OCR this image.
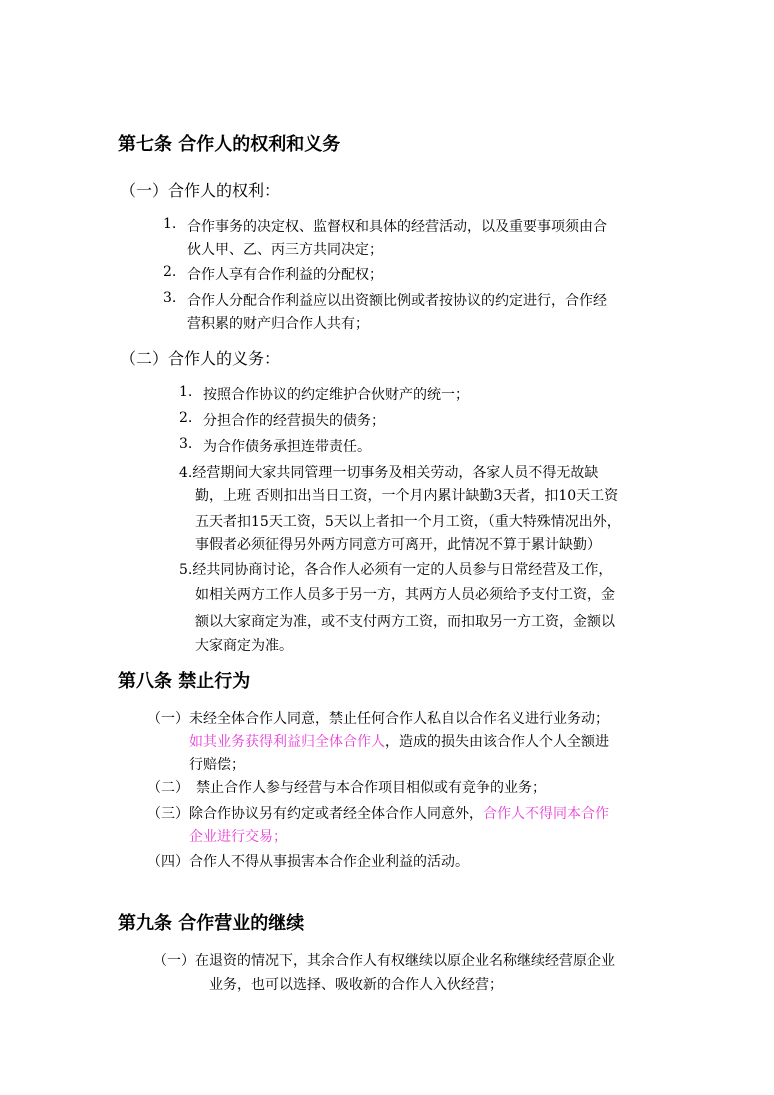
第七条 合作人的权利和义务
（一）合作人的权利：
1. 合作事务的决定权、监督权和具体的经营活动，以及重要事项须由合
伙人甲、乙、丙三方共同决定；
2. 合作人享有合作利益的分配权；
3. 合作人分配合作利益应以出资额比例或者按协议的约定进行，合作经
营积累的财产归合作人共有；
（二）合作人的义务：
1. 按照合作协议的约定维护合伙财产的统一；
2. 分担合作的经营损失的债务；
3. 为合作债务承担连带责任。
4.经营期间大家共同管理一切事务及相关劳动，各家人员不得无故缺
勤，上班 否则扣出当日工资，一个月内累计缺勤3天者，扣10天工资
五天者扣15天工资，5天以上者扣一个月工资，（重大特殊情况出外，
事假者必须征得另外两方同意方可离开，此情况不算于累计缺勤）
5.经共同协商讨论，各合作人必须有一定的人员参与日常经营及工作，
如相关两方工作人员多于另一方，其两方人员必须给予支付工资，金
额以大家商定为准，或不支付两方工资，而扣取另一方工资，金额以
大家商定为准。
第八条 禁止行为
（一） 未经全体合作人同意，禁止任何合作人私自以合作名义进行业务动；
如其业务获得利益归全体合作人，造成的损失由该合作人个人全额进
行赔偿；
（二） 禁止合作人参与经营与本合作项目相似或有竞争的业务；
（三） 除合作协议另有约定或者经全体合作人同意外，合作人不得同本合作
企业进行交易；
（四） 合作人不得从事损害本合作企业利益的活动。
第九条 合作营业的继续
（一） 在退资的情况下，其余合作人有权继续以原企业名称继续经营原企业
业务，也可以选择、吸收新的合作人入伙经营；
